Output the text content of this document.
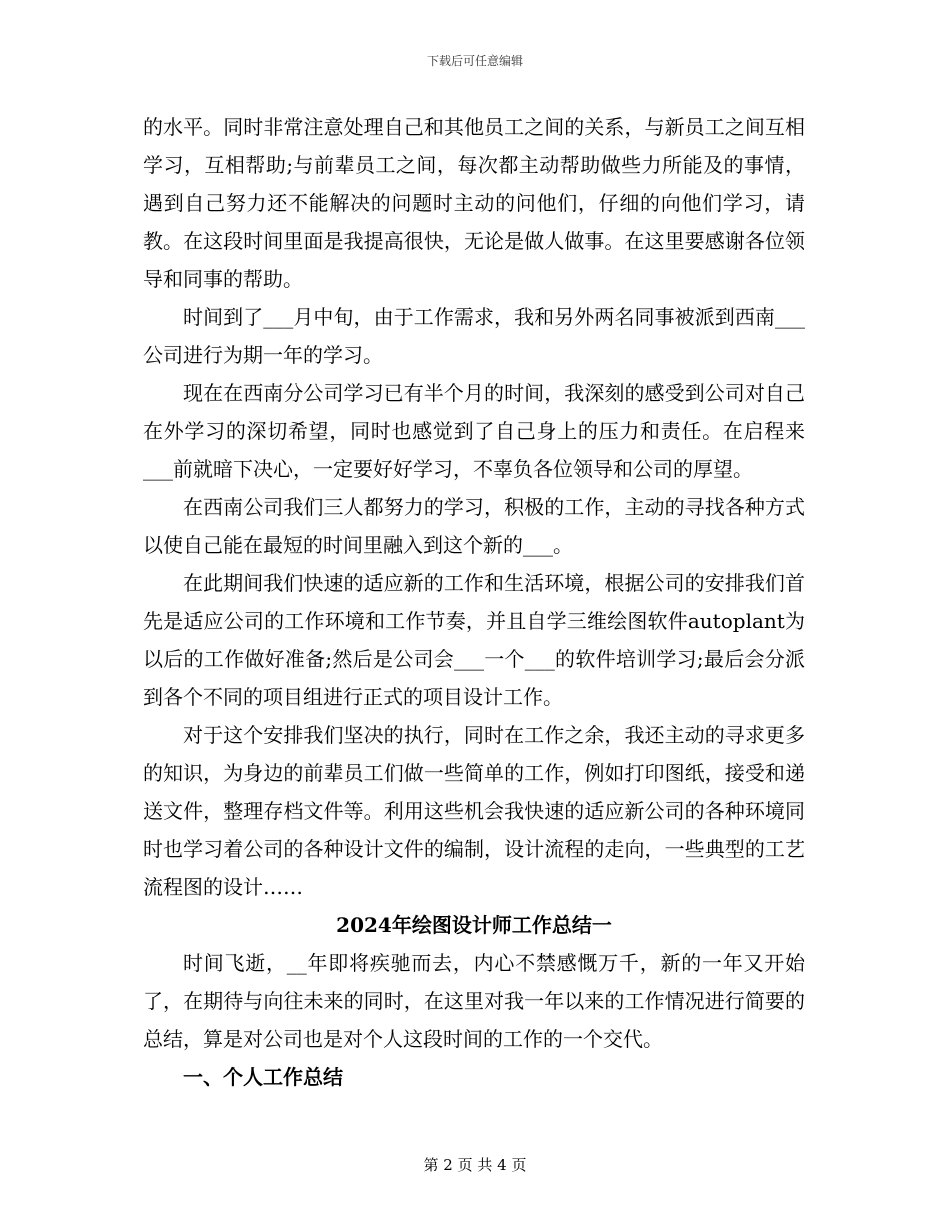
下载后可任意编辑

的水平。同时非常注意处理自己和其他员工之间的关系，与新员工之间互相学习，互相帮助;与前辈员工之间，每次都主动帮助做些力所能及的事情，遇到自己努力还不能解决的问题时主动的问他们，仔细的向他们学习，请教。在这段时间里面是我提高很快，无论是做人做事。在这里要感谢各位领导和同事的帮助。

时间到了___月中旬，由于工作需求，我和另外两名同事被派到西南___公司进行为期一年的学习。

现在在西南分公司学习已有半个月的时间，我深刻的感受到公司对自己在外学习的深切希望，同时也感觉到了自己身上的压力和责任。在启程来___前就暗下决心，一定要好好学习，不辜负各位领导和公司的厚望。

在西南公司我们三人都努力的学习，积极的工作，主动的寻找各种方式以使自己能在最短的时间里融入到这个新的___。

在此期间我们快速的适应新的工作和生活环境，根据公司的安排我们首先是适应公司的工作环境和工作节奏，并且自学三维绘图软件autoplant为以后的工作做好准备;然后是公司会___一个___的软件培训学习;最后会分派到各个不同的项目组进行正式的项目设计工作。

对于这个安排我们坚决的执行，同时在工作之余，我还主动的寻求更多的知识，为身边的前辈员工们做一些简单的工作，例如打印图纸，接受和递送文件，整理存档文件等。利用这些机会我快速的适应新公司的各种环境同时也学习着公司的各种设计文件的编制，设计流程的走向，一些典型的工艺流程图的设计……

2024年绘图设计师工作总结一

时间飞逝，__年即将疾驰而去，内心不禁感慨万千，新的一年又开始了，在期待与向往未来的同时，在这里对我一年以来的工作情况进行简要的总结，算是对公司也是对个人这段时间的工作的一个交代。

一、个人工作总结

第 2 页 共 4 页
